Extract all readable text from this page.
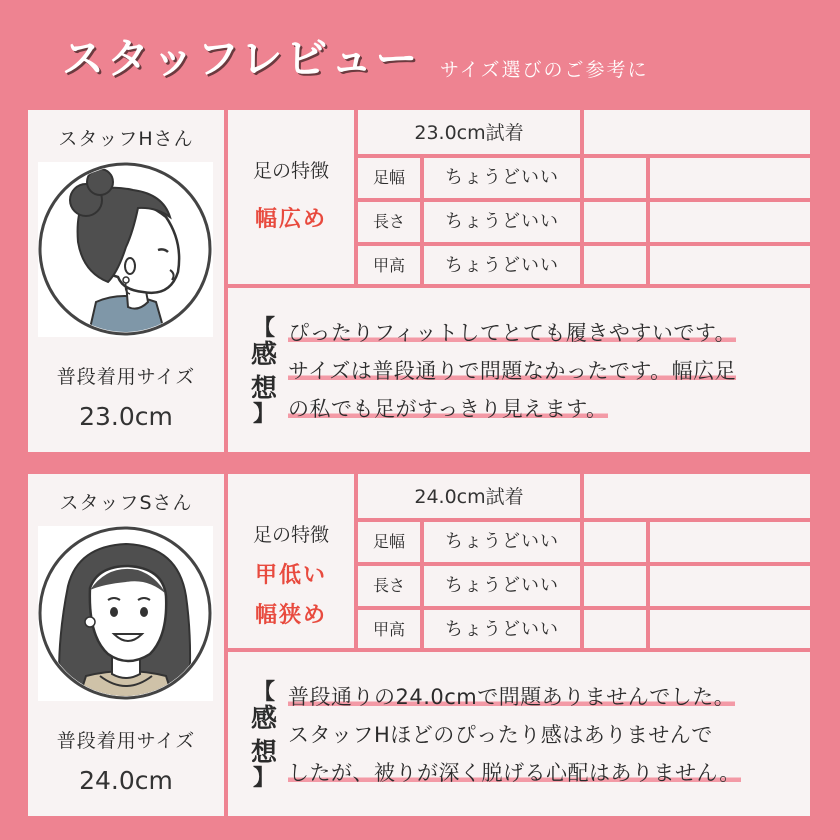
スタッフレビュー サイズ選びのご参考に
スタッフHさん
普段着用サイズ
23.0cm
足の特徴
幅広め
23.0cm試着
足幅	ちょうどいい
長さ	ちょうどいい
甲高	ちょうどいい
【
感
想
】
ぴったりフィットしてとても履きやすいです。
サイズは普段通りで問題なかったです。幅広足
の私でも足がすっきり見えます。
スタッフSさん
普段着用サイズ
24.0cm
足の特徴
甲低い
幅狭め
24.0cm試着
足幅	ちょうどいい
長さ	ちょうどいい
甲高	ちょうどいい
【
感
想
】
普段通りの24.0cmで問題ありませんでした。
スタッフHほどのぴったり感はありませんで
したが、被りが深く脱げる心配はありません。
